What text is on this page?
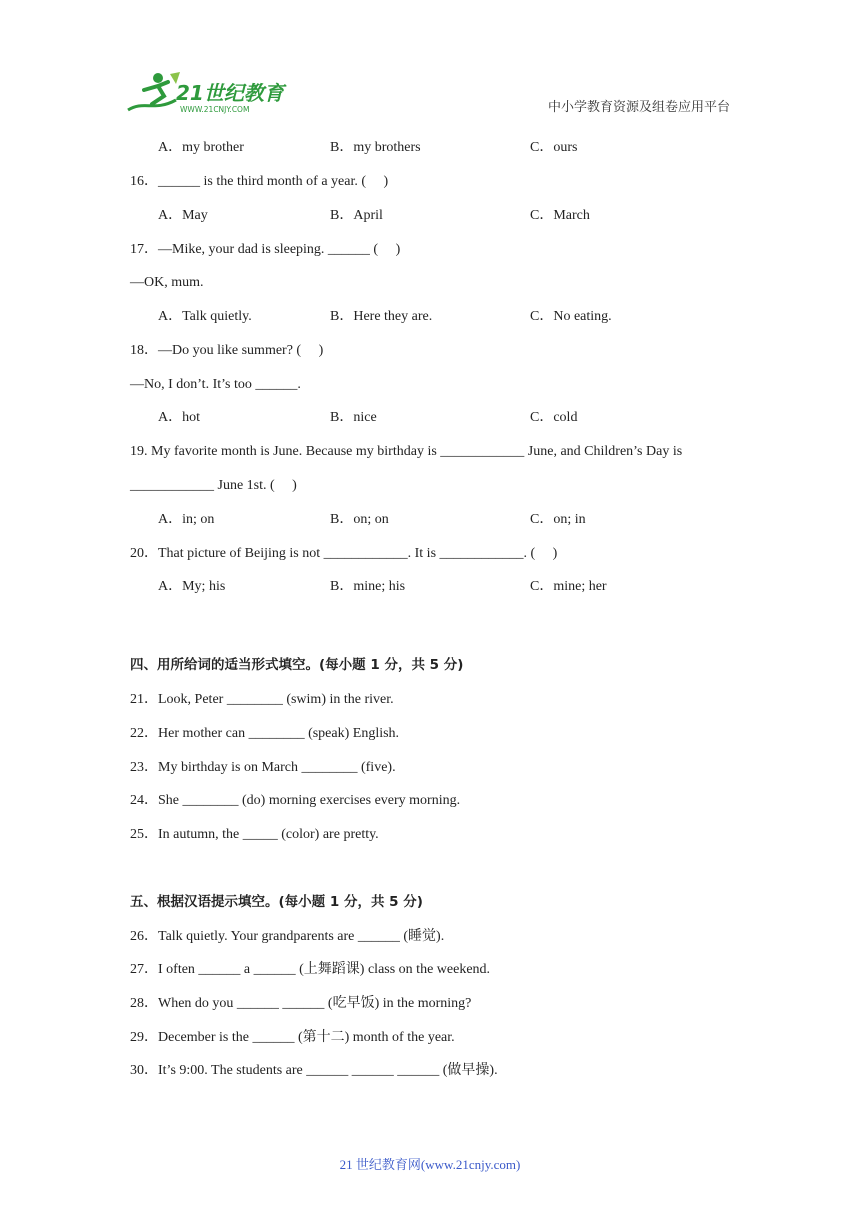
21世纪教育
WWW.21CNJY.COM	中小学教育资源及组卷应用平台
A．my brother	B．my brothers	C．ours
16．______ is the third month of a year. (　 )
A．May	B．April	C．March
17．—Mike, your dad is sleeping. ______ (　 )
—OK, mum.
A．Talk quietly.	B．Here they are.	C．No eating.
18．—Do you like summer? (　 )
—No, I don’t. It’s too ______.
A．hot	B．nice	C．cold
19. My favorite month is June. Because my birthday is ____________ June, and Children’s Day is
____________ June 1st. (　 )
A．in; on	B．on; on	C．on; in
20．That picture of Beijing is not ____________. It is ____________. (　 )
A．My; his	B．mine; his	C．mine; her
四、用所给词的适当形式填空。(每小题 1 分，共 5 分)
21．Look, Peter ________ (swim) in the river.
22．Her mother can ________ (speak) English.
23．My birthday is on March ________ (five).
24．She ________ (do) morning exercises every morning.
25．In autumn, the _____ (color) are pretty.
五、根据汉语提示填空。(每小题 1 分，共 5 分)
26．Talk quietly. Your grandparents are ______ (睡觉).
27．I often ______ a ______ (上舞蹈课) class on the weekend.
28．When do you ______ ______ (吃早饭) in the morning?
29．December is the ______ (第十二) month of the year.
30．It’s 9:00. The students are ______ ______ ______ (做早操).
21 世纪教育网(www.21cnjy.com)
